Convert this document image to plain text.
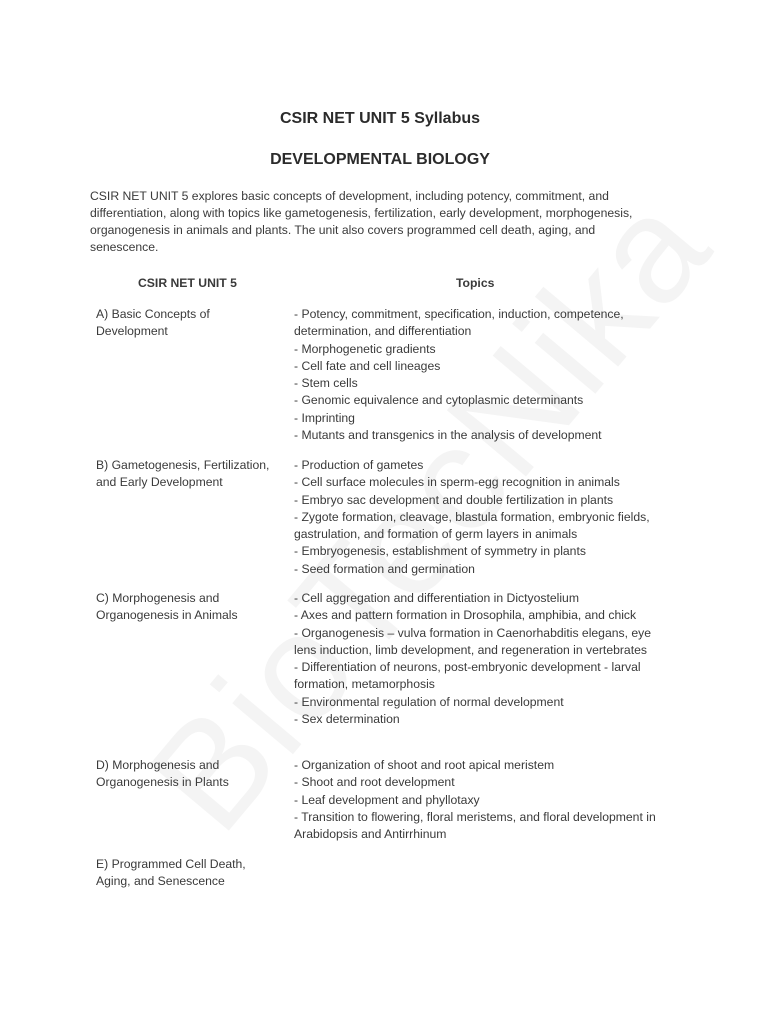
CSIR NET UNIT 5 Syllabus
DEVELOPMENTAL BIOLOGY
CSIR NET UNIT 5 explores basic concepts of development, including potency, commitment, and differentiation, along with topics like gametogenesis, fertilization, early development, morphogenesis, organogenesis in animals and plants. The unit also covers programmed cell death, aging, and senescence.
CSIR NET UNIT 5	Topics
A) Basic Concepts of Development
- Potency, commitment, specification, induction, competence, determination, and differentiation
- Morphogenetic gradients
- Cell fate and cell lineages
- Stem cells
- Genomic equivalence and cytoplasmic determinants
- Imprinting
- Mutants and transgenics in the analysis of development
B) Gametogenesis, Fertilization, and Early Development
- Production of gametes
- Cell surface molecules in sperm-egg recognition in animals
- Embryo sac development and double fertilization in plants
- Zygote formation, cleavage, blastula formation, embryonic fields, gastrulation, and formation of germ layers in animals
- Embryogenesis, establishment of symmetry in plants
- Seed formation and germination
C) Morphogenesis and Organogenesis in Animals
- Cell aggregation and differentiation in Dictyostelium
- Axes and pattern formation in Drosophila, amphibia, and chick
- Organogenesis – vulva formation in Caenorhabditis elegans, eye lens induction, limb development, and regeneration in vertebrates
- Differentiation of neurons, post-embryonic development - larval formation, metamorphosis
- Environmental regulation of normal development
- Sex determination
D) Morphogenesis and Organogenesis in Plants
- Organization of shoot and root apical meristem
- Shoot and root development
- Leaf development and phyllotaxy
- Transition to flowering, floral meristems, and floral development in Arabidopsis and Antirrhinum
E) Programmed Cell Death, Aging, and Senescence
